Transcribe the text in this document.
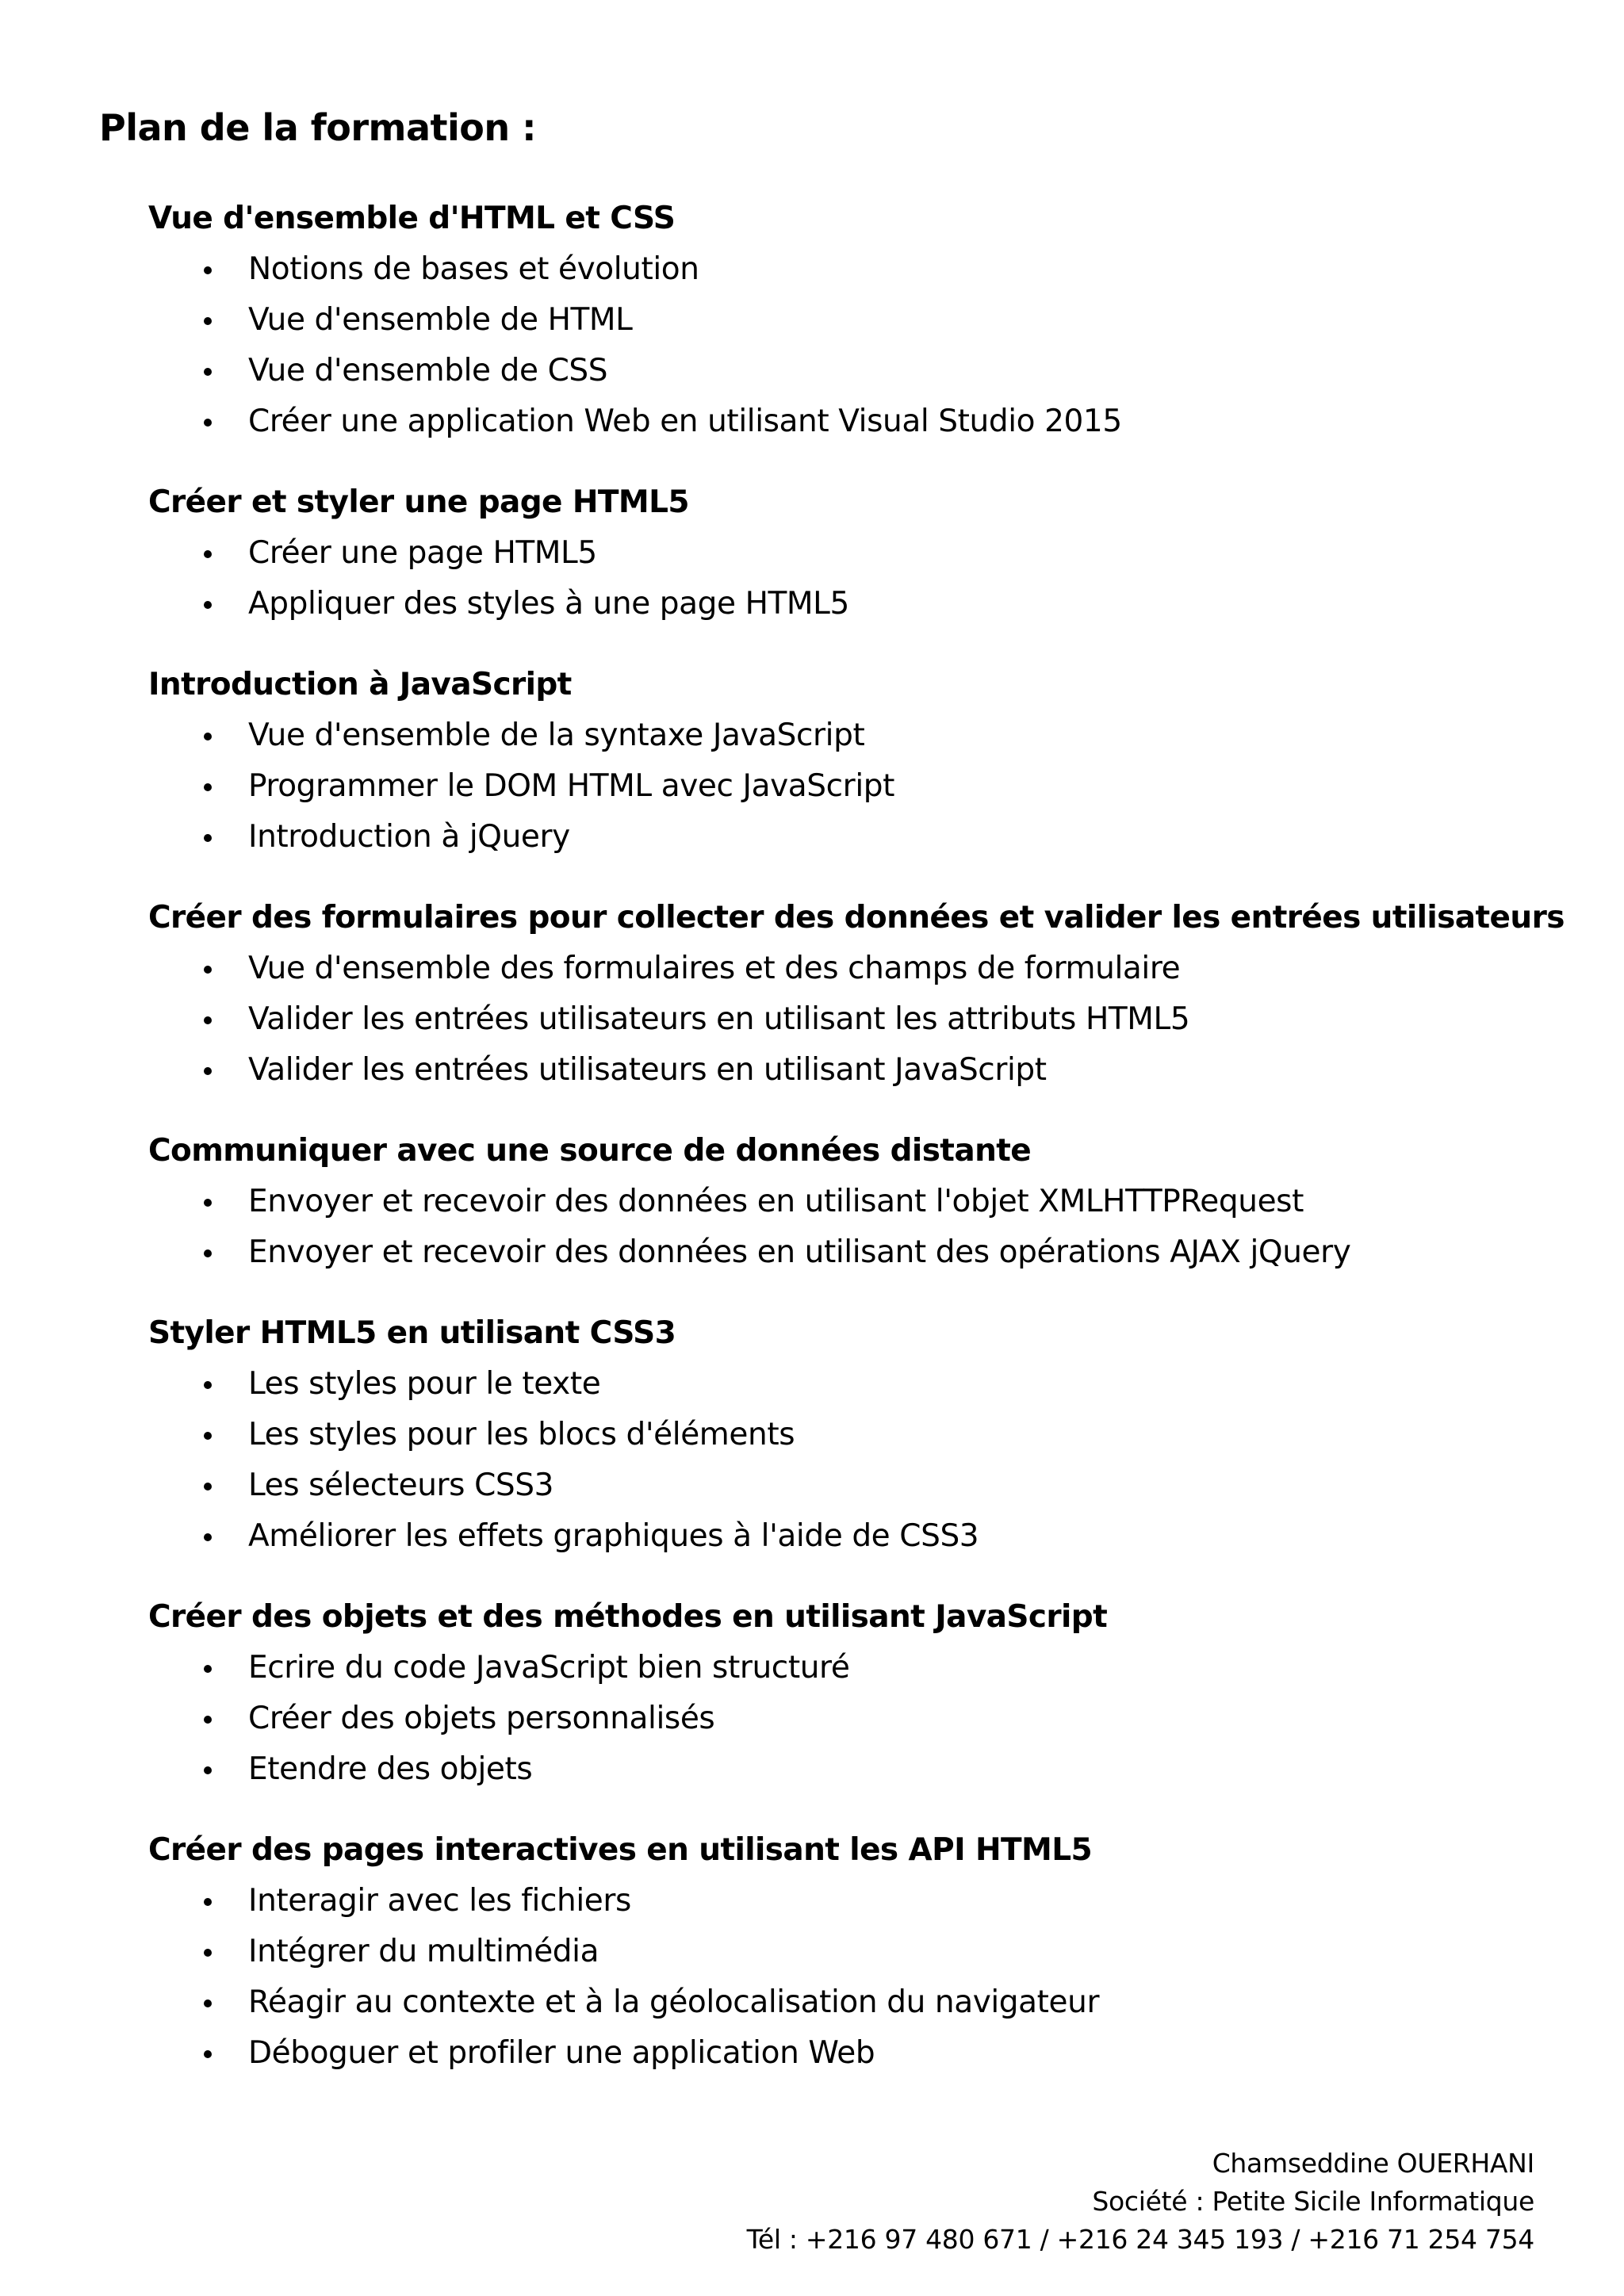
Plan de la formation :
Vue d'ensemble d'HTML et CSS
Notions de bases et évolution
Vue d'ensemble de HTML
Vue d'ensemble de CSS
Créer une application Web en utilisant Visual Studio 2015
Créer et styler une page HTML5
Créer une page HTML5
Appliquer des styles à une page HTML5
Introduction à JavaScript
Vue d'ensemble de la syntaxe JavaScript
Programmer le DOM HTML avec JavaScript
Introduction à jQuery
Créer des formulaires pour collecter des données et valider les entrées utilisateurs
Vue d'ensemble des formulaires et des champs de formulaire
Valider les entrées utilisateurs en utilisant les attributs HTML5
Valider les entrées utilisateurs en utilisant JavaScript
Communiquer avec une source de données distante
Envoyer et recevoir des données en utilisant l'objet XMLHTTPRequest
Envoyer et recevoir des données en utilisant des opérations AJAX jQuery
Styler HTML5 en utilisant CSS3
Les styles pour le texte
Les styles pour les blocs d'éléments
Les sélecteurs CSS3
Améliorer les effets graphiques à l'aide de CSS3
Créer des objets et des méthodes en utilisant JavaScript
Ecrire du code JavaScript bien structuré
Créer des objets personnalisés
Etendre des objets
Créer des pages interactives en utilisant les API HTML5
Interagir avec les fichiers
Intégrer du multimédia
Réagir au contexte et à la géolocalisation du navigateur
Déboguer et profiler une application Web
Chamseddine OUERHANI
Société : Petite Sicile Informatique
Tél : +216 97 480 671 / +216 24 345 193 / +216 71 254 754
